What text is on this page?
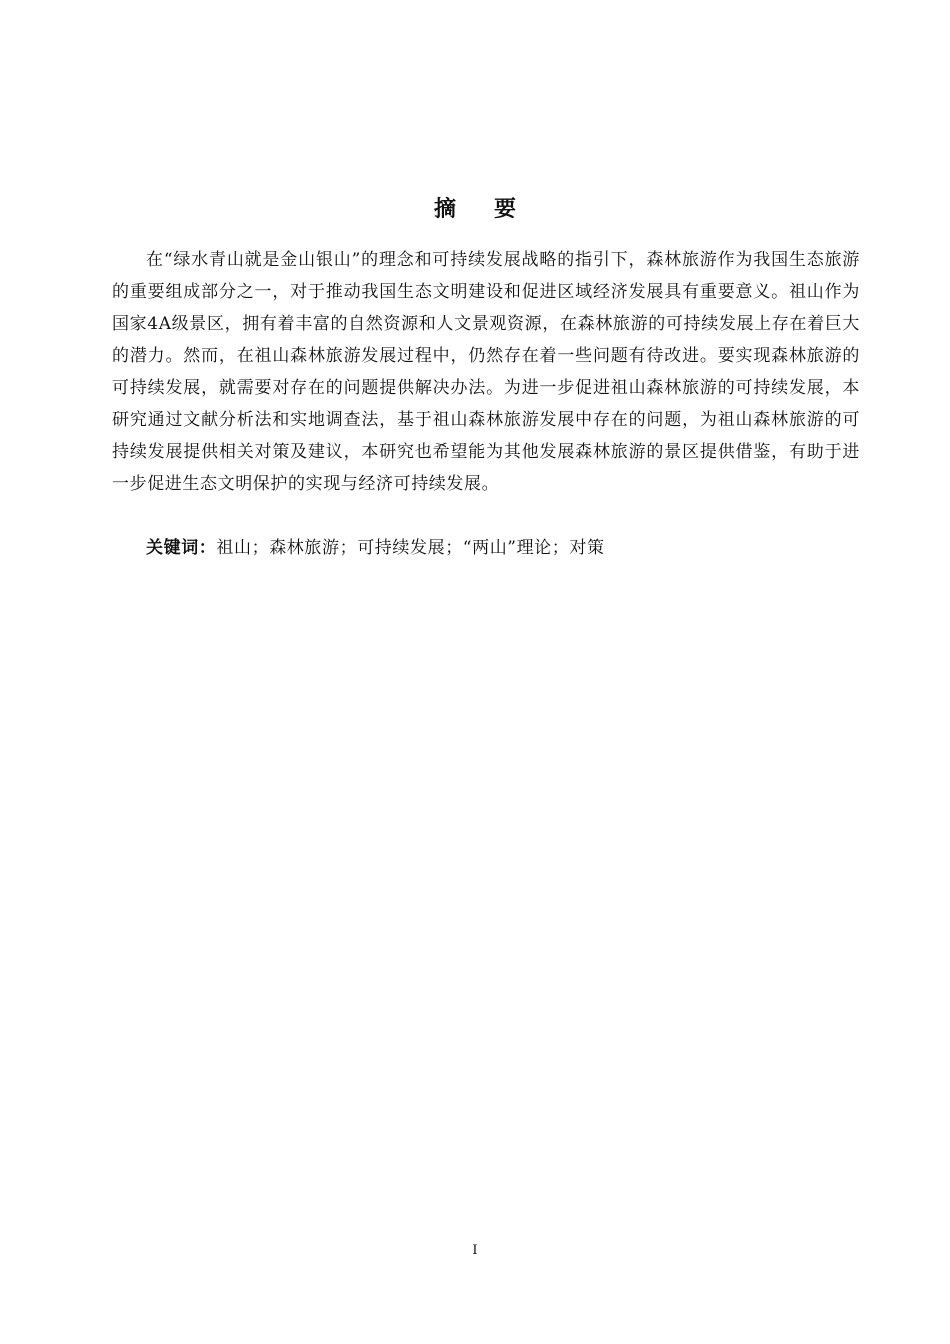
摘要

在“绿水青山就是金山银山”的理念和可持续发展战略的指引下，森林旅游作为我国生态旅游的重要组成部分之一，对于推动我国生态文明建设和促进区域经济发展具有重要意义。祖山作为国家4A级景区，拥有着丰富的自然资源和人文景观资源，在森林旅游的可持续发展上存在着巨大的潜力。然而，在祖山森林旅游发展过程中，仍然存在着一些问题有待改进。要实现森林旅游的可持续发展，就需要对存在的问题提供解决办法。为进一步促进祖山森林旅游的可持续发展，本研究通过文献分析法和实地调查法，基于祖山森林旅游发展中存在的问题，为祖山森林旅游的可持续发展提供相关对策及建议，本研究也希望能为其他发展森林旅游的景区提供借鉴，有助于进一步促进生态文明保护的实现与经济可持续发展。

关键词：祖山；森林旅游；可持续发展；“两山”理论；对策

I
